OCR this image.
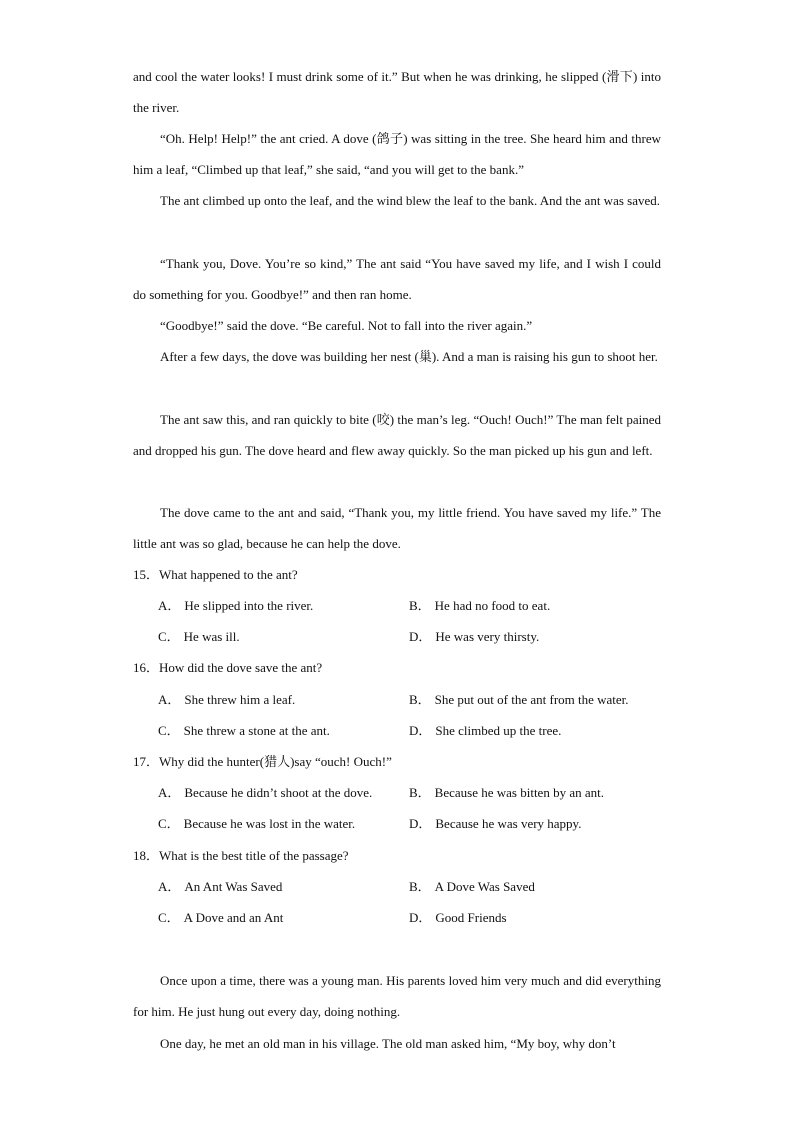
and cool the water looks! I must drink some of it.” But when he was drinking, he slipped (滑下) into the river.

“Oh. Help! Help!” the ant cried. A dove (鸽子) was sitting in the tree. She heard him and threw him a leaf, “Climbed up that leaf,” she said, “and you will get to the bank.”

The ant climbed up onto the leaf, and the wind blew the leaf to the bank. And the ant was saved.

“Thank you, Dove. You’re so kind,” The ant said “You have saved my life, and I wish I could do something for you. Goodbye!” and then ran home.

“Goodbye!” said the dove. “Be careful. Not to fall into the river again.”

After a few days, the dove was building her nest (巢). And a man is raising his gun to shoot her.

The ant saw this, and ran quickly to bite (咬) the man’s leg. “Ouch! Ouch!” The man felt pained and dropped his gun. The dove heard and flew away quickly. So the man picked up his gun and left.

The dove came to the ant and said, “Thank you, my little friend. You have saved my life.” The little ant was so glad, because he can help the dove.

15．What happened to the ant?
A． He slipped into the river.	B． He had no food to eat.
C． He was ill.	D． He was very thirsty.
16．How did the dove save the ant?
A． She threw him a leaf.	B． She put out of the ant from the water.
C． She threw a stone at the ant.	D． She climbed up the tree.
17．Why did the hunter(猎人)say “ouch! Ouch!”
A． Because he didn’t shoot at the dove.	B． Because he was bitten by an ant.
C． Because he was lost in the water.	D． Because he was very happy.
18．What is the best title of the passage?
A． An Ant Was Saved	B． A Dove Was Saved
C． A Dove and an Ant	D． Good Friends

Once upon a time, there was a young man. His parents loved him very much and did everything for him. He just hung out every day, doing nothing.

One day, he met an old man in his village. The old man asked him, “My boy, why don’t
